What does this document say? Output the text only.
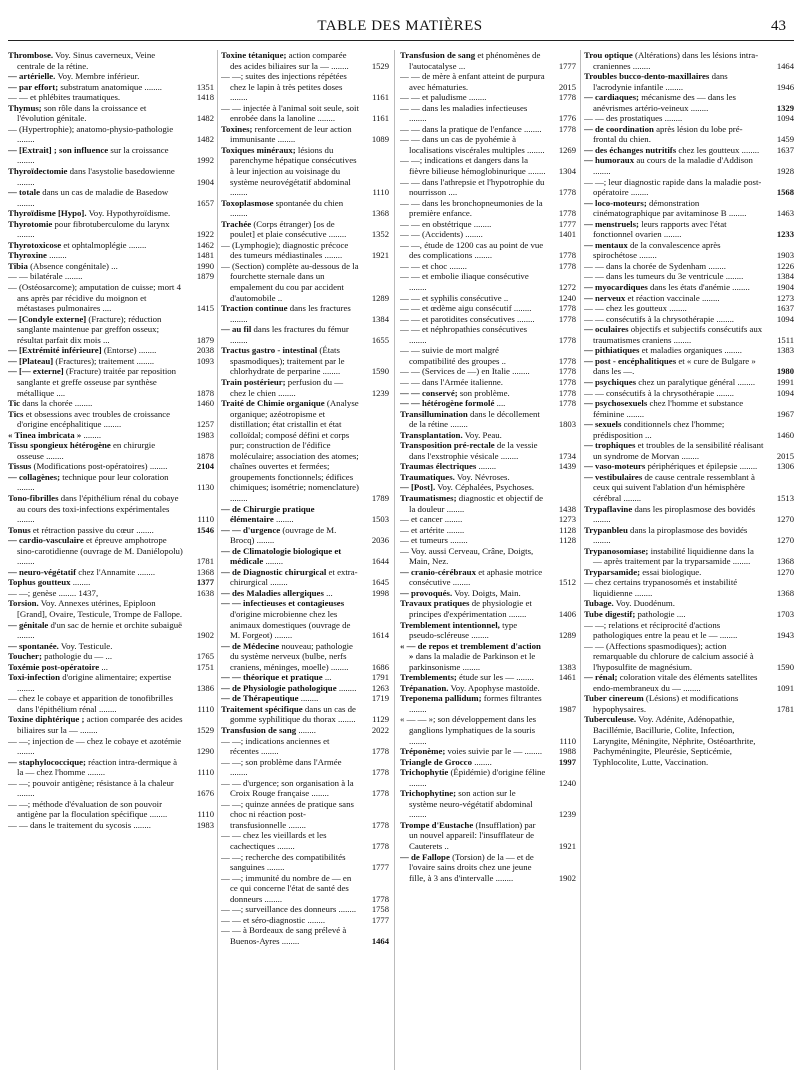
TABLE DES MATIÈRES	43
Thrombose. Voy. Sinus caverneux, Veine centrale de la rétine.
— artérielle. Voy. Membre inférieur.
— par effort; substratum anatomique ........	1351
— — et phlébites traumatiques.	1418
Thymus; son rôle dans la croissance et l'évolution génitale.	1482
— (Hypertrophie); anatomo-physio-pathologie ........	1482
— [Extrait] ; son influence sur la croissance ........	1992
Thyroïdectomie dans l'asystolie basedowienne ........	1904
— totale dans un cas de maladie de Basedow ........	1657
Thyroïdisme [Hypo]. Voy. Hypothyroïdisme.
Thyrotomie pour fibrotuberculome du larynx ........	1922
Thyrotoxicose et ophtalmoplégie ........	1462
Thyroxine ........	1481
Tibia (Absence congénitale) ...	1990
— — bilatérale ........	1879
— (Ostéosarcome); amputation de cuisse; mort 4 ans après par récidive du moignon et métastases pulmonaires ....	1415
— [Condyle externe] (Fracture); réduction sanglante maintenue par greffon osseux; résultat parfait dix mois ...	1879
— [Extrémité inférieure] (Entorse) ........	2038
— [Plateau] (Fractures); traitement ........	1093
— [— externe] (Fracture) traitée par reposition sanglante et greffe osseuse par synthèse métallique ....	1878
Tic dans la chorée ........	1460
Tics et obsessions avec troubles de croissance d'origine encéphalitique ........	1257
« Tinea imbricata » ........	1983
Tissu spongieux hétérogène en chirurgie osseuse ........	1878
Tissus (Modifications post-opératoires) ........	2104
— collagènes; technique pour leur coloration ........	1130
Tono-fibrilles dans l'épithélium rénal du cobaye au cours des toxi-infections expérimentales ........	1110
Tonus et rétraction passive du cœur ........	1546
— cardio-vasculaire et épreuve amphotrope sino-carotidienne (ouvrage de M. Daniélopolu) ........	1781
— neuro-végétatif chez l'Annamite ........	1368
Tophus goutteux ........	1377
— —; genèse ........ 1437,	1638
Torsion. Voy. Annexes utérines, Epiploon [Grand], Ovaire, Testicule, Trompe de Fallope.
— génitale d'un sac de hernie et orchite subaiguë ........	1902
— spontanée. Voy. Testicule.
Toucher; pathologie du — ...	1765
Toxémie post-opératoire ...	1751
Toxi-infection d'origine alimentaire; expertise ........	1386
— chez le cobaye et apparition de tonofibrilles dans l'épithélium rénal ........	1110
Toxine diphtérique ; action comparée des acides biliaires sur la — ........	1529
— —; injection de — chez le cobaye et azotémie ........	1290
— staphylococcique; réaction intra-dermique à la — chez l'homme ........	1110
— —; pouvoir antigène; résistance à la chaleur ........	1676
— —; méthode d'évaluation de son pouvoir antigène par la floculation spécifique ........	1110
— — dans le traitement du sycosis ........	1983
Toxine tétanique; action comparée des acides biliaires sur la — ........	1529
— —; suites des injections répétées chez le lapin à très petites doses ........	1161
— — injectée à l'animal soit seule, soit enrobée dans la lanoline ........	1161
Toxines; renforcement de leur action immunisante ........	1089
Toxiques minéraux; lésions du parenchyme hépatique consécutives à leur injection au voisinage du système neurovégétatif abdominal ........	1110
Toxoplasmose spontanée du chien ........	1368
Trachée (Corps étranger) [os de poulet] et plaie consécutive ........	1352
— (Lymphogie); diagnostic précoce des tumeurs médiastinales ........	1921
— (Section) complète au-dessous de la fourchette sternale dans un empalement du cou par accident d'automobile ..	1289
Traction continue dans les fractures ........	1384
— au fil dans les fractures du fémur ........	1655
Tractus gastro - intestinal (États spasmodiques); traitement par le chlorhydrate de perparine ........	1590
Train postérieur; perfusion du — chez le chien ........	1239
Traité de Chimie organique (Analyse organique; azéotropisme et distillation; état cristallin et état colloïdal; composé défini et corps pur; construction de l'édifice moléculaire; association des atomes; chaînes ouvertes et fermées; groupements fonctionnels; édifices chimiques; isométrie; nomenclature) ........	1789
— de Chirurgie pratique élémentaire ........	1503
— — d'urgence (ouvrage de M. Brocq) ........	2036
— de Climatologie biologique et médicale ........	1644
— de Diagnostic chirurgical et extra-chirurgical ........	1645
— des Maladies allergiques ...	1998
— — infectieuses et contagieuses d'origine microbienne chez les animaux domestiques (ouvrage de M. Forgeot) ........	1614
— de Médecine nouveau; pathologie du système nerveux (bulbe, nerfs craniens, méninges, moelle) ........	1686
— — théorique et pratique ...	1791
— de Physiologie pathologique ........	1263
— de Thérapeutique ........	1719
Traitement spécifique dans un cas de gomme syphilitique du thorax ........	1129
Transfusion de sang ........	2022
— —; indications anciennes et récentes ........	1778
— —; son problème dans l'Armée ........	1778
— — d'urgence; son organisation à la Croix Rouge française ........	1778
— —; quinze années de pratique sans choc ni réaction post-transfusionnelle ........	1778
— — chez les vieillards et les cachectiques ........	1778
— —; recherche des compatibilités sanguines ........	1777
— —; immunité du nombre de — en ce qui concerne l'état de santé des donneurs ........	1778
— —; surveillance des donneurs ........	1758
— — et séro-diagnostic ........	1777
— — à Bordeaux de sang prélevé à Buenos-Ayres ........	1464
Transfusion de sang et phénomènes de l'autocatalyse ...	1777
— — de mère à enfant atteint de purpura avec hématuries.	2015
— — et paludisme ........	1778
— — dans les maladies infectieuses ........	1776
— — dans la pratique de l'enfance ........	1778
— — dans un cas de pyohémie à localisations viscérales multiples ........ 1269
— —; indications et dangers dans la fièvre bilieuse hémoglobinurique ........ 1304
— — dans l'athrepsie et l'hypotrophie du nourrisson ....	1778
— — dans les bronchopneumonies de la première enfance.	1778
— — en obstétrique ........	1777
— — (Accidents) ........	1401
— —, étude de 1200 cas au point de vue des complications ........	1778
— — et choc ........	1778
— — et embolie iliaque consécutive ........	1272
— — et syphilis consécutive ..	1240
— — et œdème aigu consécutif ........	1778
— — et parotidites consécutives ........	1778
— — et néphropathies consécutives ........	1778
— — suivie de mort malgré compatibilité des groupes ..	1778
— — (Services de —) en Italie ........	1778
— — dans l'Armée italienne.	1778
— — conservé; son problème.	1778
— — hétérogène formolé ....	1778
Transillumination dans le décollement de la rétine ........	1803
Transplantation. Voy. Peau.
Transposition pré-rectale de la vessie dans l'exstrophie vésicale ........	1734
Traumas électriques ........	1439
Traumatiques. Voy. Névroses.
— [Post]. Voy. Céphalées, Psychoses.
Traumatismes; diagnostic et objectif de la douleur ........	1438
— et cancer ........	1273
— et artérite ........	1128
— et tumeurs ........	1128
— Voy. aussi Cerveau, Crâne, Doigts, Main, Nez.
— cranio-cérébraux et aphasie motrice consécutive ........	1512
— provoqués. Voy. Doigts, Main.
Travaux pratiques de physiologie et principes d'expérimentation ........	1406
Tremblement intentionnel, type pseudo-scléreuse ........	1289
« — de repos et tremblement d'action » dans la maladie de Parkinson et le parkinsonisme ........	1383
Tremblements; étude sur les — ........	1461
Trépanation. Voy. Apophyse mastoïde.
Treponema pallidum; formes filtrantes ........	1987
« — — »; son développement dans les ganglions lymphatiques de la souris ........	1110
Tréponème; voies suivie par le — ........	1988
Triangle de Grocco ........	1997
Trichophytie (Épidémie) d'origine féline ........	1240
Trichophytine; son action sur le système neuro-végétatif abdominal ........	1239
Trompe d'Eustache (Insufflation) par un nouvel appareil: l'insufflateur de Cauterets ..	1921
— de Fallope (Torsion) de la — et de l'ovaire sains droits chez une jeune fille, à 3 ans d'intervalle ........	1902
Trou optique (Altérations) dans les lésions intra-craniennes ........	1464
Troubles bucco-dento-maxillaires dans l'acrodynie infantile ........	1946
— cardiaques; mécanisme des — dans les anévrismes artério-veineux ........	1329
— — des prostatiques ........	1094
— de coordination après lésion du lobe pré-frontal du chien.	1459
— des échanges nutritifs chez les goutteux ........	1637
— humoraux au cours de la maladie d'Addison ........	1928
— —; leur diagnostic rapide dans la maladie post-opératoire ........	1568
— loco-moteurs; démonstration cinématographique par avitaminose B ........	1463
— menstruels; leurs rapports avec l'état fonctionnel ovarien ........	1233
— mentaux de la convalescence après spirochétose ........	1903
— — dans la chorée de Sydenham ........	1226
— — dans les tumeurs du 3e ventricule ........	1384
— myocardiques dans les états d'anémie ........	1904
— nerveux et réaction vaccinale ........	1273
— — chez les goutteux ........	1637
— — consécutifs à la chrysothérapie ........	1094
— oculaires objectifs et subjectifs consécutifs aux traumatismes craniens ........	1511
— pithiatiques et maladies organiques ........	1383
— post - encéphalitiques et « cure de Bulgare » dans les —.	1980
— psychiques chez un paralytique général ........	1991
— — consécutifs à la chrysothérapie ........	1094
— psychosexuels chez l'homme et substance féminine ........	1967
— sexuels conditionnels chez l'homme; prédisposition ...	1460
— trophiques et troubles de la sensibilité réalisant un syndrome de Morvan ........	2015
— vaso-moteurs périphériques et épilepsie ........	1306
— vestibulaires de cause centrale ressemblant à ceux qui suivent l'ablation d'un hémisphère cérébral ........	1513
Trypaflavine dans les piroplasmose des bovidés ........	1270
Trypanbleu dans la piroplasmose des bovidés ........	1270
Trypanosomiase; instabilité liquidienne dans la — après traitement par la tryparsamide ........	1368
Tryparsamide; essai biologique.	1270
— chez certains trypanosomés et instabilité liquidienne ........	1368
Tubage. Voy. Duodénum.
Tube digestif; pathologie ....	1703
— —; relations et réciprocité d'actions pathologiques entre la peau et le — ........	1943
— — (Affections spasmodiques); action remarquable du chlorure de calcium associé à l'hyposulfite de magnésium.	1590
— rénal; coloration vitale des éléments satellites endo-membraneux du — ........	1091
Tuber cinereum (Lésions) et modifications hypophysaires.	1781
Tuberculeuse. Voy. Adénite, Adénopathie, Bacillémie, Bacillurie, Colite, Infection, Laryngite, Méningite, Néphrite, Ostéoarthrite, Pachyméningite, Pleurésie, Septicémie, Typhlocolite, Lutte, Vaccination.
